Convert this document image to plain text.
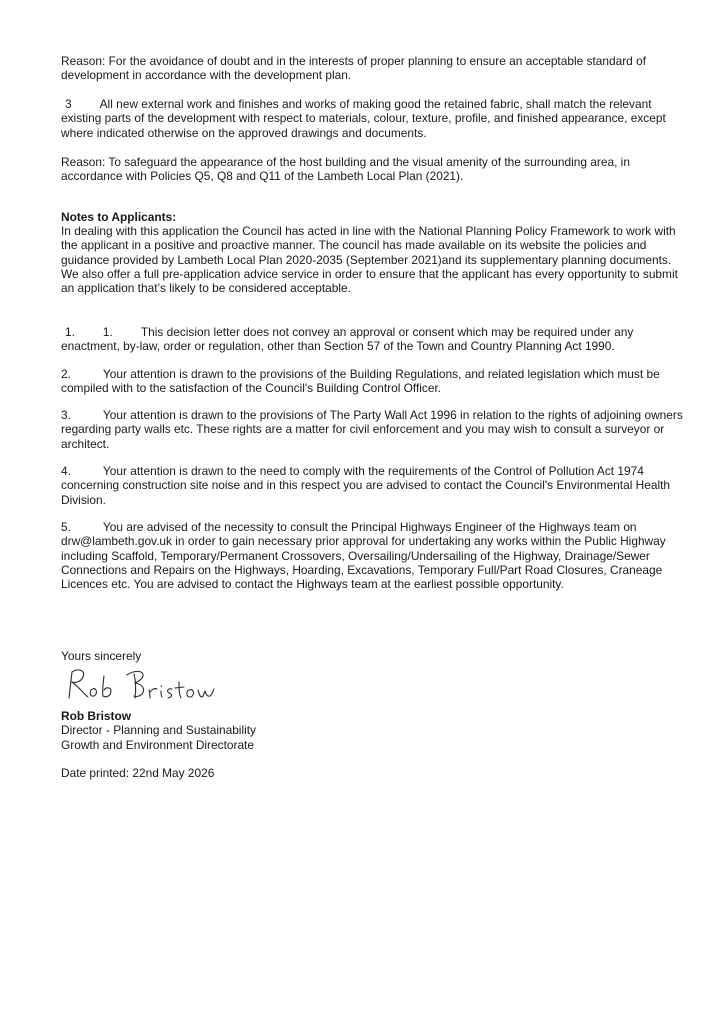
Reason: For the avoidance of doubt and in the interests of proper planning to ensure an acceptable standard of development in accordance with the development plan.

3 All new external work and finishes and works of making good the retained fabric, shall match the relevant existing parts of the development with respect to materials, colour, texture, profile, and finished appearance, except where indicated otherwise on the approved drawings and documents.

Reason: To safeguard the appearance of the host building and the visual amenity of the surrounding area, in accordance with Policies Q5, Q8 and Q11 of the Lambeth Local Plan (2021).

Notes to Applicants:

In dealing with this application the Council has acted in line with the National Planning Policy Framework to work with the applicant in a positive and proactive manner. The council has made available on its website the policies and guidance provided by Lambeth Local Plan 2020-2035 (September 2021)and its supplementary planning documents. We also offer a full pre-application advice service in order to ensure that the applicant has every opportunity to submit an application that’s likely to be considered acceptable.

1. 1. This decision letter does not convey an approval or consent which may be required under any enactment, by-law, order or regulation, other than Section 57 of the Town and Country Planning Act 1990.

2.	Your attention is drawn to the provisions of the Building Regulations, and related legislation which must be compiled with to the satisfaction of the Council's Building Control Officer.

3.	Your attention is drawn to the provisions of The Party Wall Act 1996 in relation to the rights of adjoining owners regarding party walls etc. These rights are a matter for civil enforcement and you may wish to consult a surveyor or architect.

4.	Your attention is drawn to the need to comply with the requirements of the Control of Pollution Act 1974 concerning construction site noise and in this respect you are advised to contact the Council's Environmental Health Division.

5.	You are advised of the necessity to consult the Principal Highways Engineer of the Highways team on drw@lambeth.gov.uk in order to gain necessary prior approval for undertaking any works within the Public Highway including Scaffold, Temporary/Permanent Crossovers, Oversailing/Undersailing of the Highway, Drainage/Sewer Connections and Repairs on the Highways, Hoarding, Excavations, Temporary Full/Part Road Closures, Craneage Licences etc. You are advised to contact the Highways team at the earliest possible opportunity.

Yours sincerely

Rob Bristow

Director - Planning and Sustainability

Growth and Environment Directorate

Date printed: 22nd May 2026
